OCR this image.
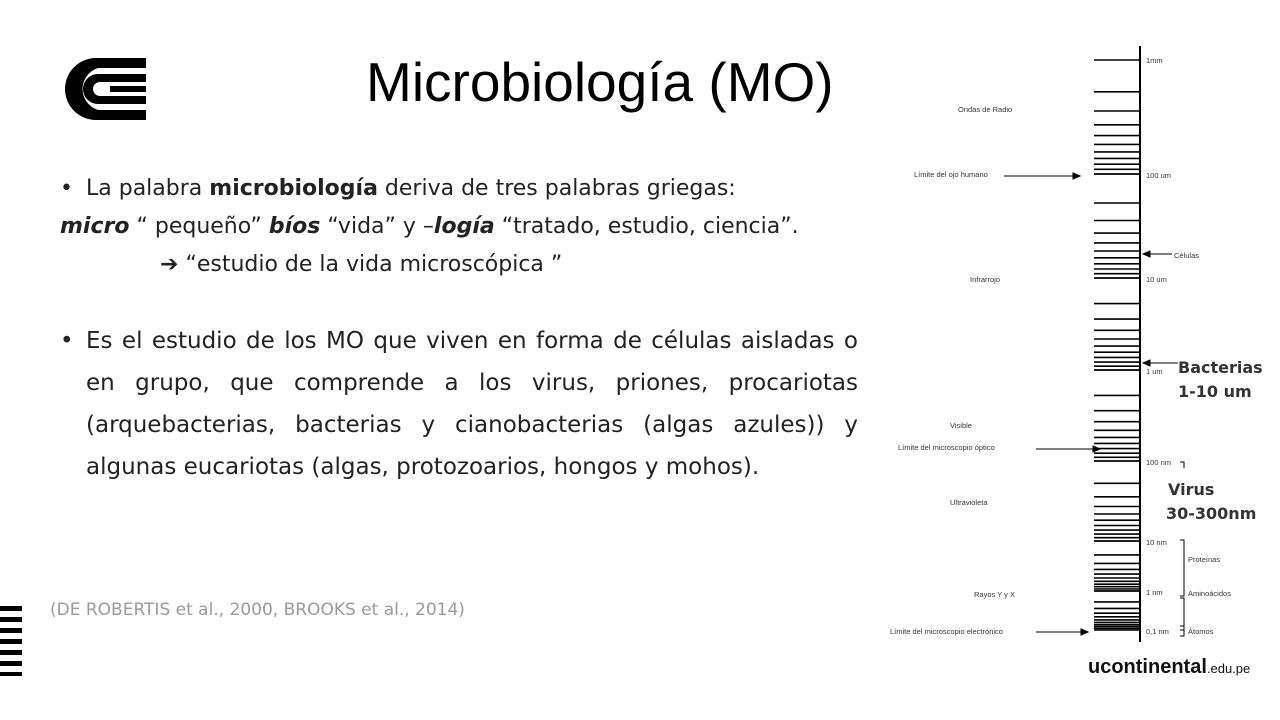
Microbiología (MO)

• La palabra microbiología deriva de tres palabras griegas:
micro “ pequeño” bíos “vida” y –logía “tratado, estudio, ciencia”.
➔ “estudio de la vida microscópica ”

• Es el estudio de los MO que viven en forma de células aisladas o en grupo, que comprende a los virus, priones, procariotas (arquebacterias, bacterias y cianobacterias (algas azules)) y algunas eucariotas (algas, protozoarios, hongos y mohos).

(DE ROBERTIS et al., 2000, BROOKS et al., 2014)
1mm
100 um
10 um
1 um
100 nm
10 nm
1 nm
0,1 nm
Ondas de Radio
Límite del ojo humano
Infrarrojo
Visible
Límite del microscopio óptico
Ultravioleta
Rayos Y y X
Límite del microscopio electrónico
Células
Proteínas
Aminoácidos
Átomos
Bacterias
1-10 um
Virus
30-300nm
ucontinental.edu.pe
